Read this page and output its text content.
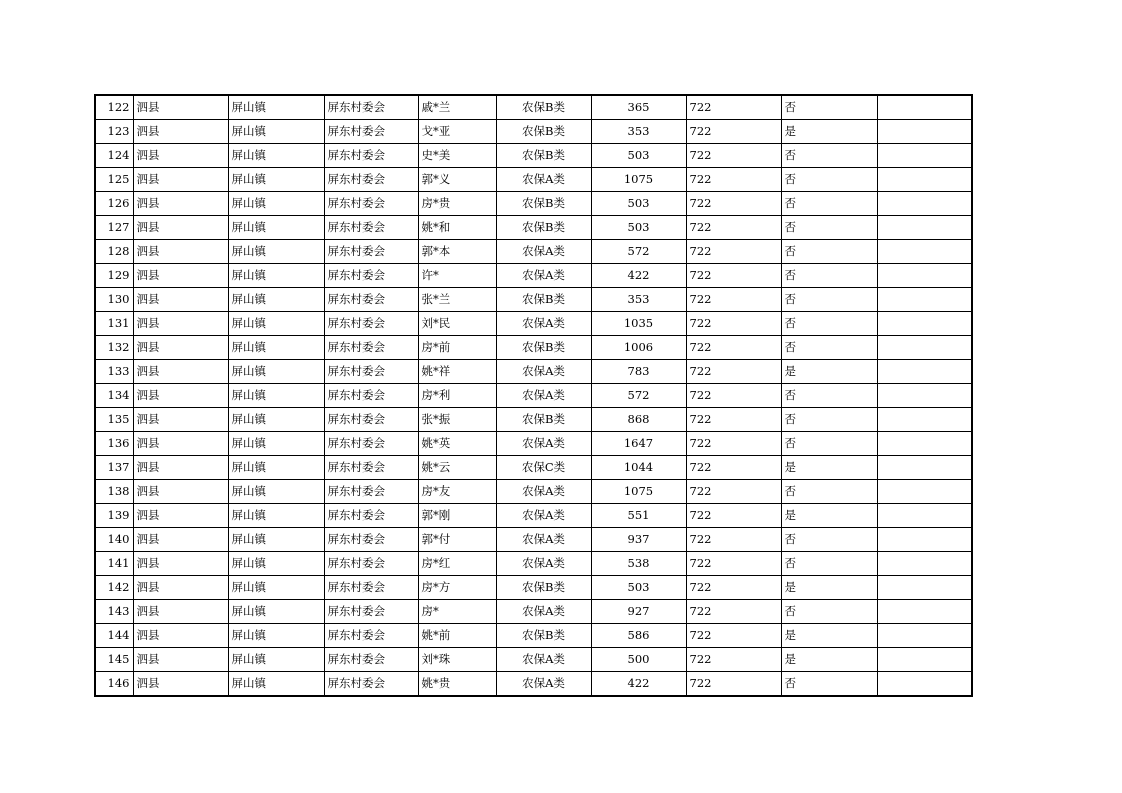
122	泗县	屏山镇	屏东村委会	戚*兰	农保B类	365	722	否	
123	泗县	屏山镇	屏东村委会	戈*亚	农保B类	353	722	是	
124	泗县	屏山镇	屏东村委会	史*美	农保B类	503	722	否	
125	泗县	屏山镇	屏东村委会	郭*义	农保A类	1075	722	否	
126	泗县	屏山镇	屏东村委会	房*贵	农保B类	503	722	否	
127	泗县	屏山镇	屏东村委会	姚*和	农保B类	503	722	否	
128	泗县	屏山镇	屏东村委会	郭*本	农保A类	572	722	否	
129	泗县	屏山镇	屏东村委会	许*	农保A类	422	722	否	
130	泗县	屏山镇	屏东村委会	张*兰	农保B类	353	722	否	
131	泗县	屏山镇	屏东村委会	刘*民	农保A类	1035	722	否	
132	泗县	屏山镇	屏东村委会	房*前	农保B类	1006	722	否	
133	泗县	屏山镇	屏东村委会	姚*祥	农保A类	783	722	是	
134	泗县	屏山镇	屏东村委会	房*利	农保A类	572	722	否	
135	泗县	屏山镇	屏东村委会	张*振	农保B类	868	722	否	
136	泗县	屏山镇	屏东村委会	姚*英	农保A类	1647	722	否	
137	泗县	屏山镇	屏东村委会	姚*云	农保C类	1044	722	是	
138	泗县	屏山镇	屏东村委会	房*友	农保A类	1075	722	否	
139	泗县	屏山镇	屏东村委会	郭*刚	农保A类	551	722	是	
140	泗县	屏山镇	屏东村委会	郭*付	农保A类	937	722	否	
141	泗县	屏山镇	屏东村委会	房*红	农保A类	538	722	否	
142	泗县	屏山镇	屏东村委会	房*方	农保B类	503	722	是	
143	泗县	屏山镇	屏东村委会	房*	农保A类	927	722	否	
144	泗县	屏山镇	屏东村委会	姚*前	农保B类	586	722	是	
145	泗县	屏山镇	屏东村委会	刘*珠	农保A类	500	722	是	
146	泗县	屏山镇	屏东村委会	姚*贵	农保A类	422	722	否	
